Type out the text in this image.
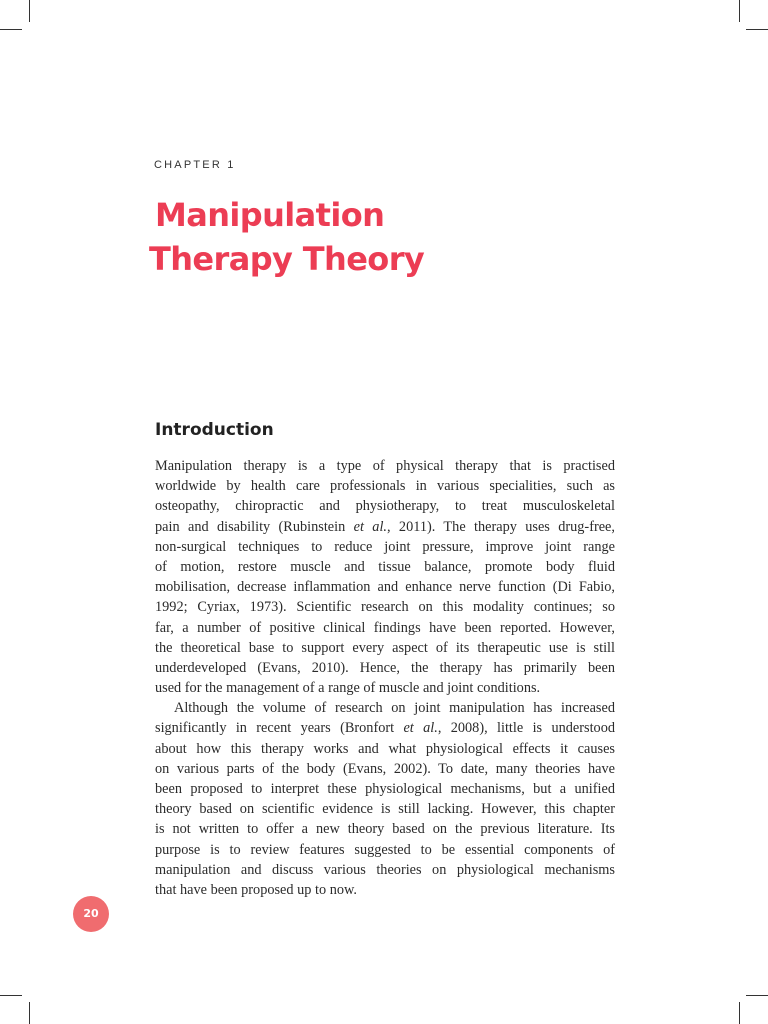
CHAPTER 1
Manipulation
Therapy Theory
Introduction
Manipulation therapy is a type of physical therapy that is practised
worldwide by health care professionals in various specialities, such as
osteopathy, chiropractic and physiotherapy, to treat musculoskeletal
pain and disability (Rubinstein et al., 2011). The therapy uses drug-free,
non-surgical techniques to reduce joint pressure, improve joint range
of motion, restore muscle and tissue balance, promote body fluid
mobilisation, decrease inflammation and enhance nerve function (Di Fabio,
1992; Cyriax, 1973). Scientific research on this modality continues; so
far, a number of positive clinical findings have been reported. However,
the theoretical base to support every aspect of its therapeutic use is still
underdeveloped (Evans, 2010). Hence, the therapy has primarily been
used for the management of a range of muscle and joint conditions.
Although the volume of research on joint manipulation has increased
significantly in recent years (Bronfort et al., 2008), little is understood
about how this therapy works and what physiological effects it causes
on various parts of the body (Evans, 2002). To date, many theories have
been proposed to interpret these physiological mechanisms, but a unified
theory based on scientific evidence is still lacking. However, this chapter
is not written to offer a new theory based on the previous literature. Its
purpose is to review features suggested to be essential components of
manipulation and discuss various theories on physiological mechanisms
that have been proposed up to now.
20
